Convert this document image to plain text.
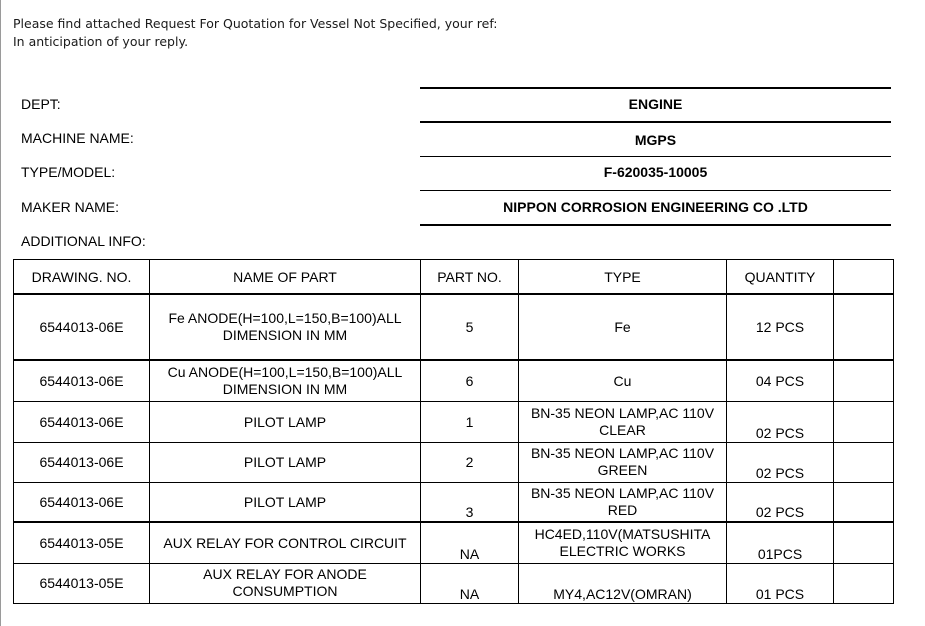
Please find attached Request For Quotation for Vessel Not Specified, your ref:
In anticipation of your reply.
DEPT:	ENGINE
MACHINE NAME:	MGPS
TYPE/MODEL:	F-620035-10005
MAKER NAME:	NIPPON CORROSION ENGINEERING CO .LTD
ADDITIONAL INFO:
DRAWING. NO.	NAME OF PART	PART NO.	TYPE	QUANTITY	
6544013-06E	Fe ANODE(H=100,L=150,B=100)ALL DIMENSION IN MM	5	Fe	12 PCS	
6544013-06E	Cu ANODE(H=100,L=150,B=100)ALL DIMENSION IN MM	6	Cu	04 PCS	
6544013-06E	PILOT LAMP	1	BN-35 NEON LAMP,AC 110V CLEAR	02 PCS	
6544013-06E	PILOT LAMP	2	BN-35 NEON LAMP,AC 110V GREEN	02 PCS	
6544013-06E	PILOT LAMP	3	BN-35 NEON LAMP,AC 110V RED	02 PCS	
6544013-05E	AUX RELAY FOR CONTROL CIRCUIT	NA	HC4ED,110V(MATSUSHITA ELECTRIC WORKS	01PCS	
6544013-05E	AUX RELAY FOR ANODE CONSUMPTION	NA	MY4,AC12V(OMRAN)	01 PCS	
